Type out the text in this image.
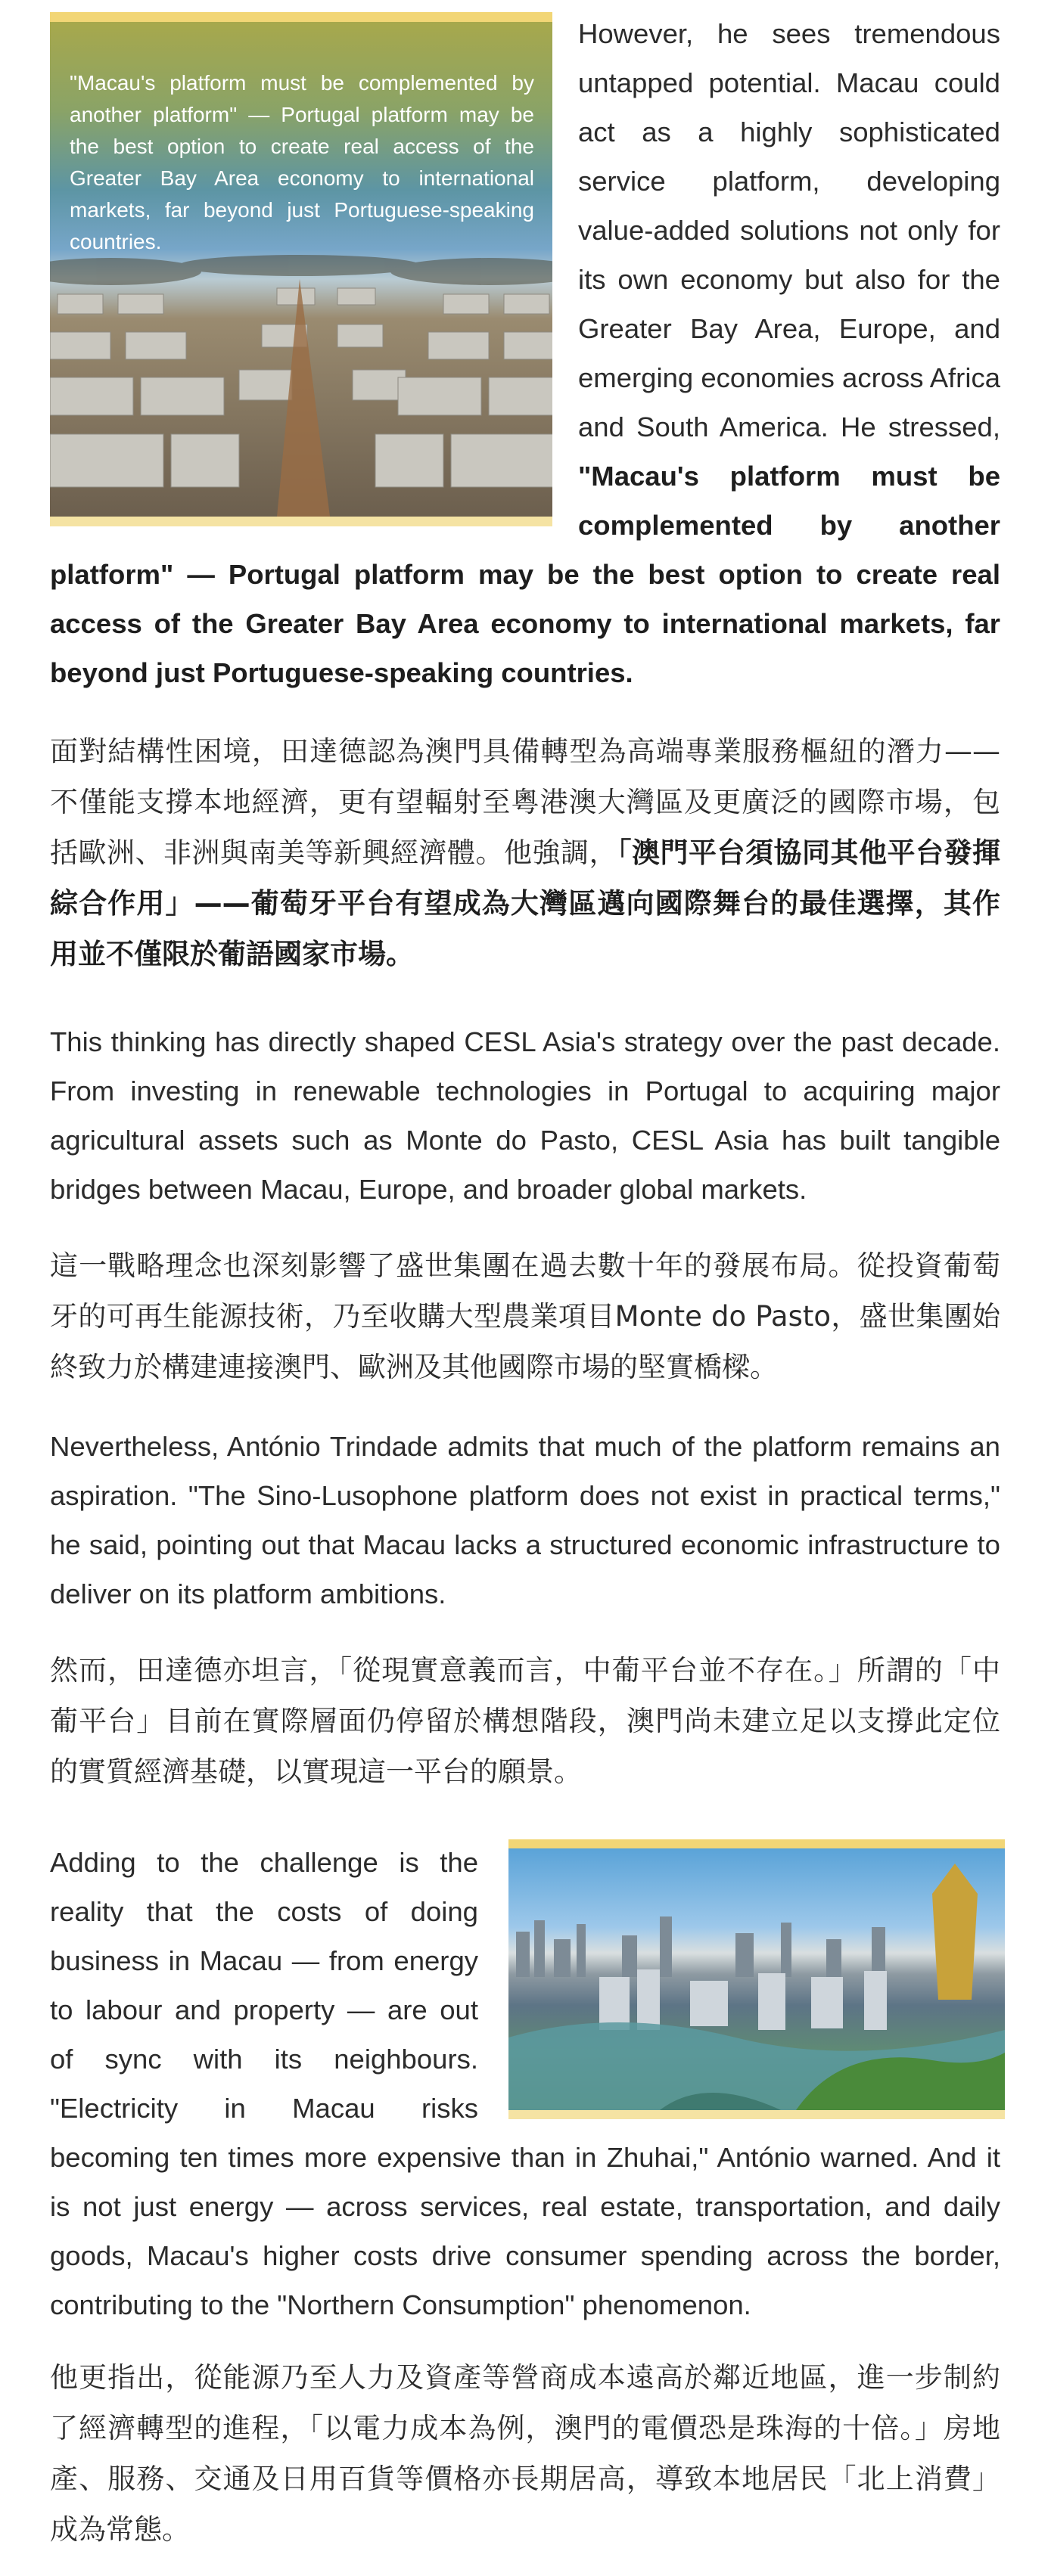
"Macau's platform must be complemented by another platform" — Portugal platform may be the best option to create real access of the Greater Bay Area economy to international markets, far beyond just Portuguese-speaking countries.

However, he sees tremendous untapped potential. Macau could act as a highly sophisticated service platform, developing value-added solutions not only for its own economy but also for the Greater Bay Area, Europe, and emerging economies across Africa and South America. He stressed, "Macau's platform must be complemented by another platform" — Portugal platform may be the best option to create real access of the Greater Bay Area economy to international markets, far beyond just Portuguese-speaking countries.

面對結構性困境，田達德認為澳門具備轉型為高端專業服務樞紐的潛力——不僅能支撐本地經濟，更有望輻射至粵港澳大灣區及更廣泛的國際市場，包括歐洲、非洲與南美等新興經濟體。他強調，「澳門平台須協同其他平台發揮綜合作用」——葡萄牙平台有望成為大灣區邁向國際舞台的最佳選擇，其作用並不僅限於葡語國家市場。

This thinking has directly shaped CESL Asia's strategy over the past decade. From investing in renewable technologies in Portugal to acquiring major agricultural assets such as Monte do Pasto, CESL Asia has built tangible bridges between Macau, Europe, and broader global markets.

這一戰略理念也深刻影響了盛世集團在過去數十年的發展布局。從投資葡萄牙的可再生能源技術，乃至收購大型農業項目Monte do Pasto，盛世集團始終致力於構建連接澳門、歐洲及其他國際市場的堅實橋樑。

Nevertheless, António Trindade admits that much of the platform remains an aspiration. "The Sino-Lusophone platform does not exist in practical terms," he said, pointing out that Macau lacks a structured economic infrastructure to deliver on its platform ambitions.

然而，田達德亦坦言，「從現實意義而言，中葡平台並不存在。」所謂的「中葡平台」目前在實際層面仍停留於構想階段，澳門尚未建立足以支撐此定位的實質經濟基礎，以實現這一平台的願景。

Adding to the challenge is the reality that the costs of doing business in Macau — from energy to labour and property — are out of sync with its neighbours. "Electricity in Macau risks becoming ten times more expensive than in Zhuhai," António warned. And it is not just energy — across services, real estate, transportation, and daily goods, Macau's higher costs drive consumer spending across the border, contributing to the "Northern Consumption" phenomenon.

他更指出，從能源乃至人力及資產等營商成本遠高於鄰近地區，進一步制約了經濟轉型的進程，「以電力成本為例，澳門的電價恐是珠海的十倍。」房地產、服務、交通及日用百貨等價格亦長期居高，導致本地居民「北上消費」成為常態。
